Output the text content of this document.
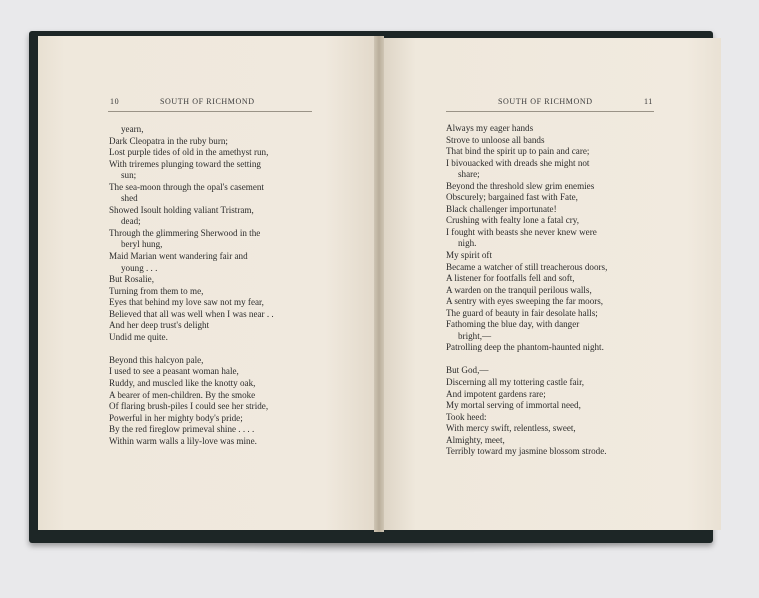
10	SOUTH OF RICHMOND	SOUTH OF RICHMOND	11
yearn,
Dark Cleopatra in the ruby burn;
Lost purple tides of old in the amethyst run,
With triremes plunging toward the setting
sun;
The sea-moon through the opal's casement
shed
Showed Isoult holding valiant Tristram,
dead;
Through the glimmering Sherwood in the
beryl hung,
Maid Marian went wandering fair and
young . . .
But Rosalie,
Turning from them to me,
Eyes that behind my love saw not my fear,
Believed that all was well when I was near . .
And her deep trust's delight
Undid me quite.
Beyond this halcyon pale,
I used to see a peasant woman hale,
Ruddy, and muscled like the knotty oak,
A bearer of men-children. By the smoke
Of flaring brush-piles I could see her stride,
Powerful in her mighty body's pride;
By the red fireglow primeval shine . . . .
Within warm walls a lily-love was mine.
Always my eager hands
Strove to unloose all bands
That bind the spirit up to pain and care;
I bivouacked with dreads she might not
share;
Beyond the threshold slew grim enemies
Obscurely; bargained fast with Fate,
Black challenger importunate!
Crushing with fealty lone a fatal cry,
I fought with beasts she never knew were
nigh.
My spirit oft
Became a watcher of still treacherous doors,
A listener for footfalls fell and soft,
A warden on the tranquil perilous walls,
A sentry with eyes sweeping the far moors,
The guard of beauty in fair desolate halls;
Fathoming the blue day, with danger
bright,—
Patrolling deep the phantom-haunted night.
But God,—
Discerning all my tottering castle fair,
And impotent gardens rare;
My mortal serving of immortal need,
Took heed:
With mercy swift, relentless, sweet,
Almighty, meet,
Terribly toward my jasmine blossom strode.
